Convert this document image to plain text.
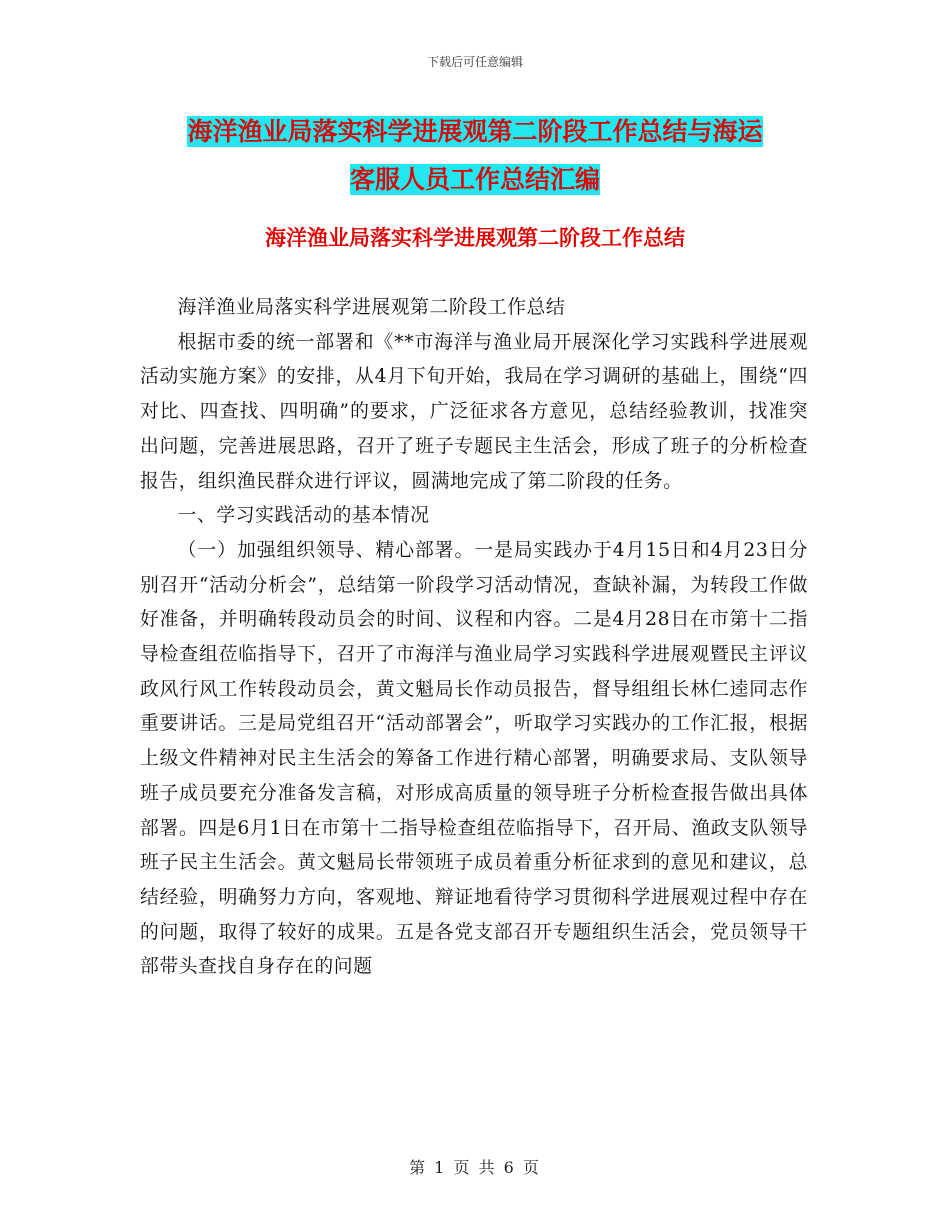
下载后可任意编辑
海洋渔业局落实科学进展观第二阶段工作总结与海运
客服人员工作总结汇编
海洋渔业局落实科学进展观第二阶段工作总结

海洋渔业局落实科学进展观第二阶段工作总结

根据市委的统一部署和《**市海洋与渔业局开展深化学习实践科学进展观活动实施方案》的安排，从4月下旬开始，我局在学习调研的基础上，围绕“四对比、四查找、四明确”的要求，广泛征求各方意见，总结经验教训，找准突出问题，完善进展思路，召开了班子专题民主生活会，形成了班子的分析检查报告，组织渔民群众进行评议，圆满地完成了第二阶段的任务。

一、学习实践活动的基本情况

（一）加强组织领导、精心部署。一是局实践办于4月15日和4月23日分别召开“活动分析会”，总结第一阶段学习活动情况，查缺补漏，为转段工作做好准备，并明确转段动员会的时间、议程和内容。二是4月28日在市第十二指导检查组莅临指导下，召开了市海洋与渔业局学习实践科学进展观暨民主评议政风行风工作转段动员会，黄文魁局长作动员报告，督导组组长林仁逵同志作重要讲话。三是局党组召开“活动部署会”，听取学习实践办的工作汇报，根据上级文件精神对民主生活会的筹备工作进行精心部署，明确要求局、支队领导班子成员要充分准备发言稿，对形成高质量的领导班子分析检查报告做出具体部署。四是6月1日在市第十二指导检查组莅临指导下，召开局、渔政支队领导班子民主生活会。黄文魁局长带领班子成员着重分析征求到的意见和建议，总结经验，明确努力方向，客观地、辩证地看待学习贯彻科学进展观过程中存在的问题，取得了较好的成果。五是各党支部召开专题组织生活会，党员领导干部带头查找自身存在的问题

第 1 页 共 6 页
